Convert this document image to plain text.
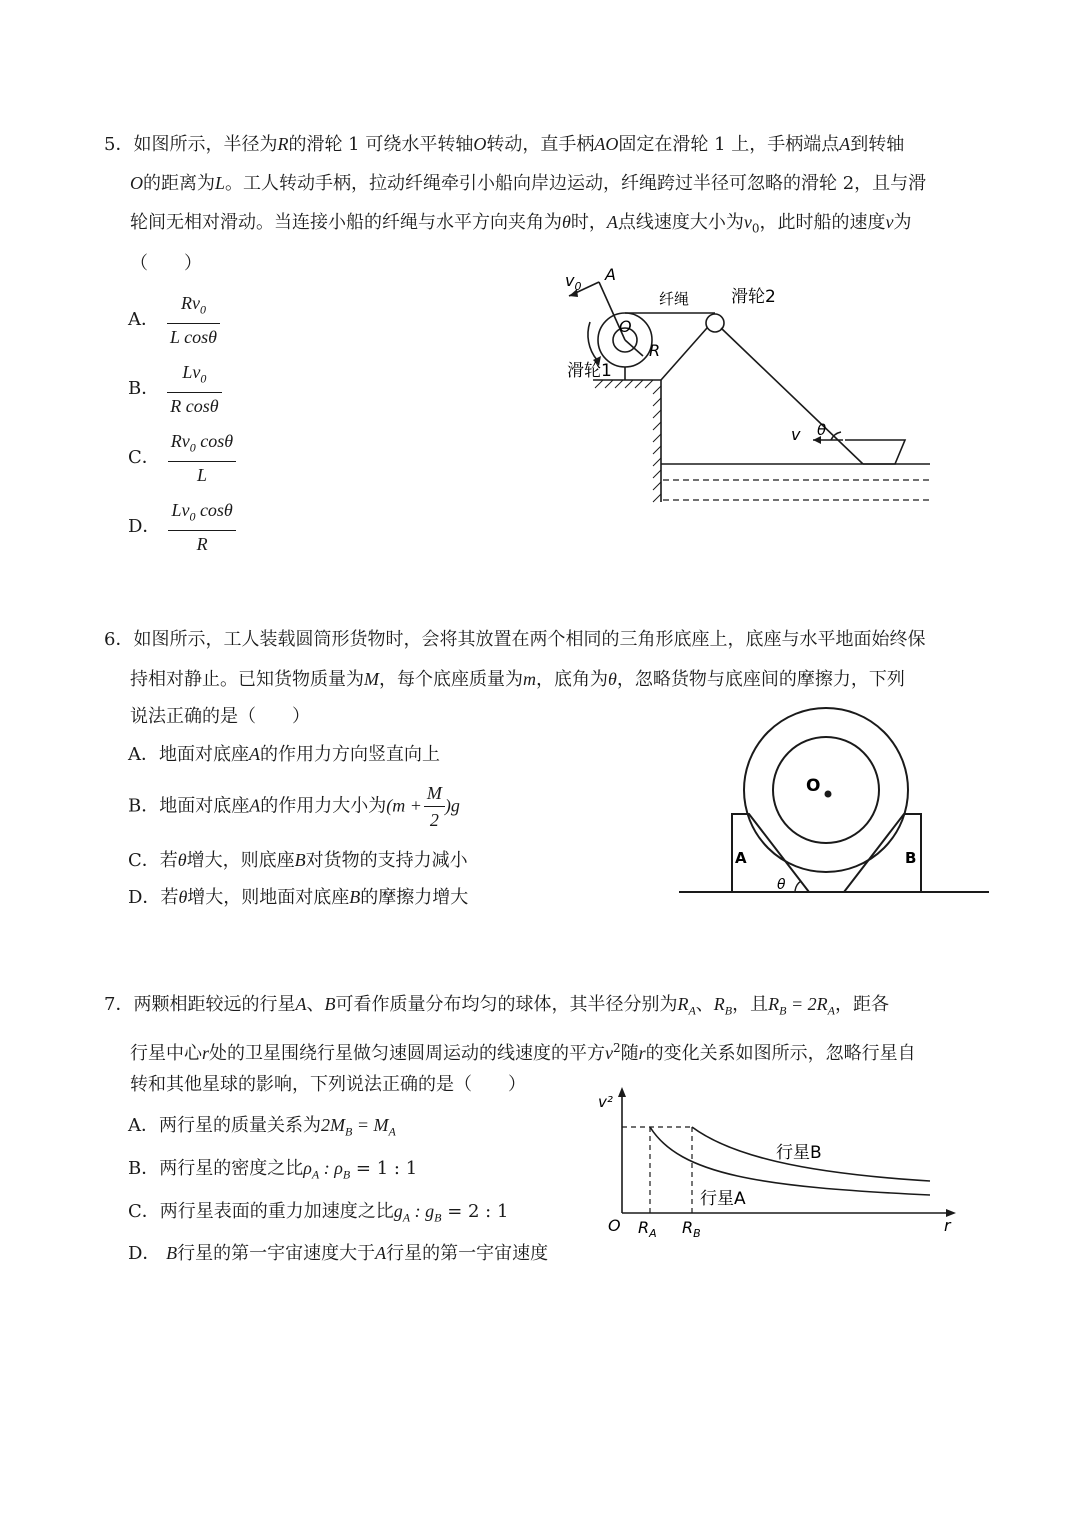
5．如图所示，半径为R的滑轮 1 可绕水平转轴O转动，直手柄AO固定在滑轮 1 上，手柄端点A到转轴
O的距离为L。工人转动手柄，拉动纤绳牵引小船向岸边运动，纤绳跨过半径可忽略的滑轮 2，且与滑
轮间无相对滑动。当连接小船的纤绳与水平方向夹角为θ时，A点线速度大小为$v_0$，此时船的速度v为
（　　）
A． $\frac{Rv_0}{\text{L cosθ}}$
B． $\frac{Lv_0}{\text{R cosθ}}$
C． $\frac{Rv_0 \cos\theta}{L}$
D． $\frac{Lv_0 \cos\theta}{R}$
$v_0$
A
纤绳 滑轮2
O
R
滑轮1
v θ
6．如图所示，工人装载圆筒形货物时，会将其放置在两个相同的三角形底座上，底座与水平地面始终保
持相对静止。已知货物质量为M，每个底座质量为m，底角为θ，忽略货物与底座间的摩擦力，下列
说法正确的是（　　）
A．地面对底座A的作用力方向竖直向上
B．地面对底座A的作用力大小为$(m + \frac{M}{2} )g$
C．若θ增大，则底座B对货物的支持力减小
D．若θ增大，则地面对底座B的摩擦力增大
O
A	B
θ
7．两颗相距较远的行星A、B可看作质量分布均匀的球体，其半径分别为$R_A$、$R_B$，且$R_B = 2R_A$，距各
行星中心r处的卫星围绕行星做匀速圆周运动的线速度的平方$v^2$随r的变化关系如图所示，忽略行星自
转和其他星球的影响，下列说法正确的是（　　）
A．两行星的质量关系为$2M_B = M_A$
B．两行星的密度之比$\rho_A$ : $\rho_B = 1$ : 1
C．两行星表面的重力加速度之比$g_A$ : $g_B = 2$ : 1
D． B行星的第一宇宙速度大于A行星的第一宇宙速度
v²
O $R_A$ $R_B$	r
行星B
行星A
